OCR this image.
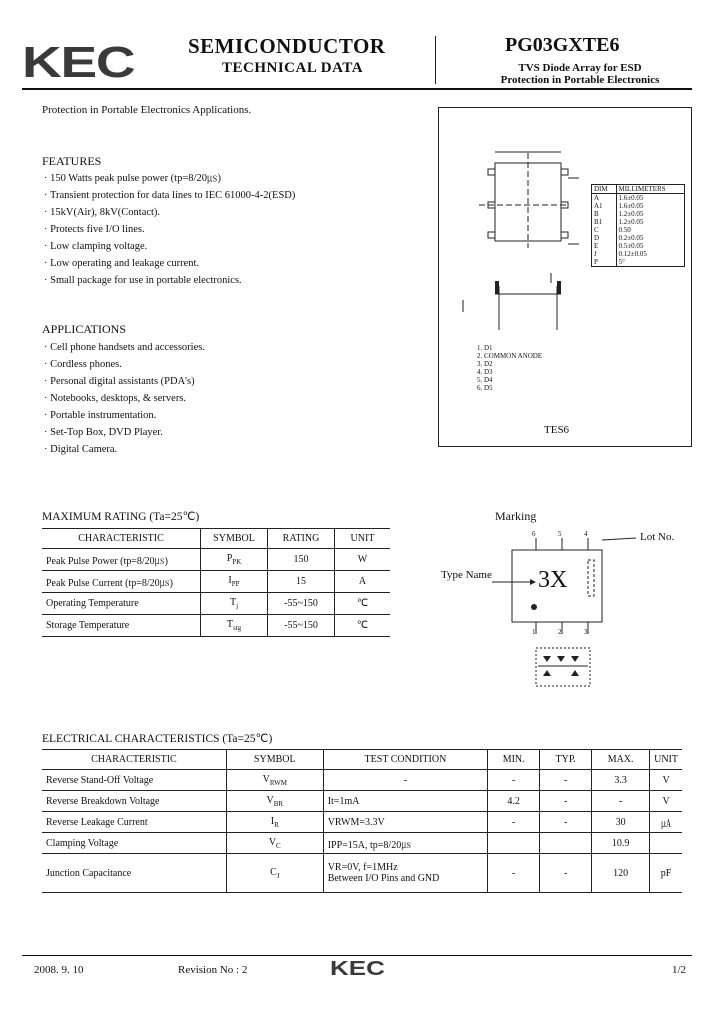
KEC	SEMICONDUCTOR
TECHNICAL DATA
PG03GXTE6
TVS Diode Array for ESD
Protection in Portable Electronics
Protection in Portable Electronics Applications.
FEATURES
· 150 Watts peak pulse power (tp=8/20㎲)
· Transient protection for data lines to IEC 61000-4-2(ESD)
· 15kV(Air), 8kV(Contact).
· Protects five I/O lines.
· Low clamping voltage.
· Low operating and leakage current.
· Small package for use in portable electronics.
APPLICATIONS
· Cell phone handsets and accessories.
· Cordless phones.
· Personal digital assistants (PDA's)
· Notebooks, desktops, & servers.
· Portable instrumentation.
· Set-Top Box, DVD Player.
· Digital Camera.
DIM	MILLIMETERS
A	1.6±0.05
A1	1.6±0.05
B	1.2±0.05
B1	1.2±0.05
C	0.50
D	0.2±0.05
E	0.5±0.05
J	0.12±0.05
P	5°
1. D1
2. COMMON ANODE
3. D2
4. D3
5. D4
6. D5
TES6
MAXIMUM RATING (Ta=25℃)
CHARACTERISTIC	SYMBOL	RATING	UNIT
Peak Pulse Power (tp=8/20㎲)	$P_{PK}$	150	W
Peak Pulse Current (tp=8/20㎲)	$I_{PP}$	15	A
Operating Temperature	$T_j$	-55~150	℃
Storage Temperature	$T_{stg}$	-55~150	℃
Marking
Lot No.
Type Name 3X
6	5	4
1	2	3
ELECTRICAL CHARACTERISTICS (Ta=25℃)
CHARACTERISTIC	SYMBOL	TEST CONDITION	MIN.	TYP.	MAX.	UNIT
Reverse Stand-Off Voltage	$V_{RWM}$	-	-	-	3.3	V
Reverse Breakdown Voltage	$V_{BR}$	It=1mA	4.2	-	-	V
Reverse Leakage Current	$I_R$	VRWM=3.3V	-	-	30	㎂
Clamping Voltage	$V_C$	IPP=15A, tp=8/20㎲			10.9	
Junction Capacitance	$C_J$	VR=0V, f=1MHz
Between I/O Pins and GND	-	-	120	pF
2008. 9. 10	Revision No : 2	KEC	1/2
